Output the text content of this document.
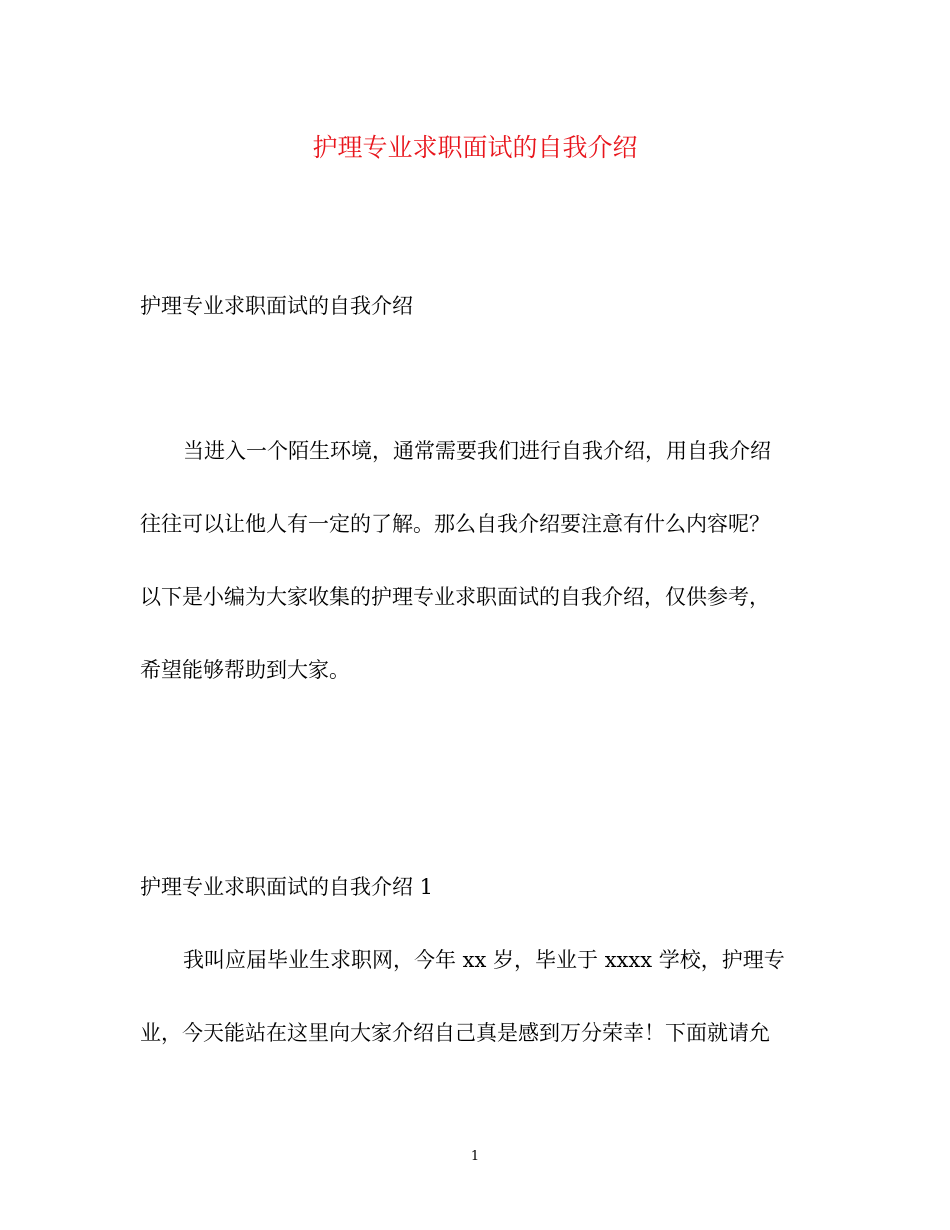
护理专业求职面试的自我介绍
护理专业求职面试的自我介绍
当进入一个陌生环境，通常需要我们进行自我介绍，用自我介绍
往往可以让他人有一定的了解。那么自我介绍要注意有什么内容呢？
以下是小编为大家收集的护理专业求职面试的自我介绍，仅供参考，
希望能够帮助到大家。
护理专业求职面试的自我介绍 1
我叫应届毕业生求职网，今年 xx 岁，毕业于 xxxx 学校，护理专
业，今天能站在这里向大家介绍自己真是感到万分荣幸！下面就请允
1
